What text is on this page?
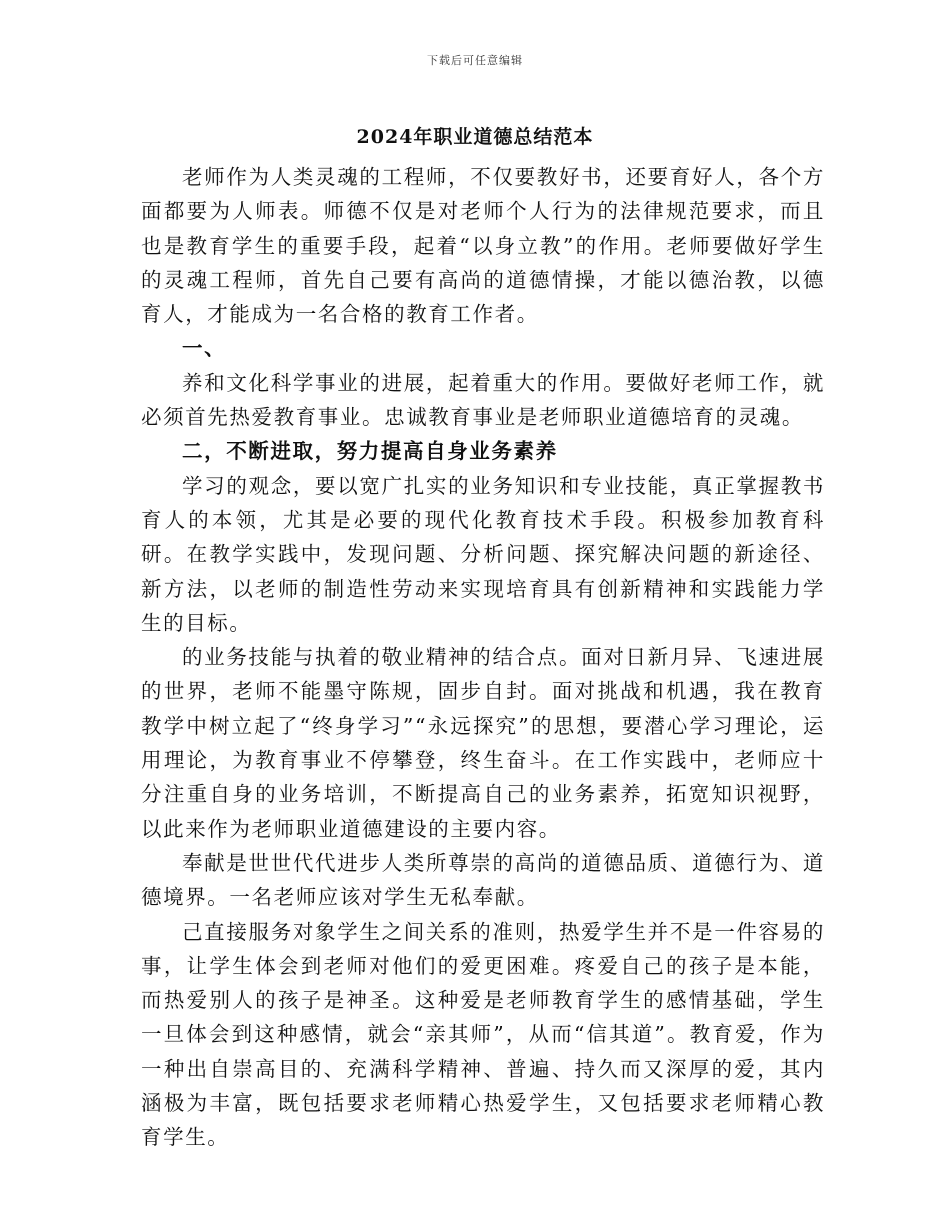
下载后可任意编辑
2024年职业道德总结范本

老师作为人类灵魂的工程师，不仅要教好书，还要育好人，各个方面都要为人师表。师德不仅是对老师个人行为的法律规范要求，而且也是教育学生的重要手段，起着“以身立教”的作用。老师要做好学生的灵魂工程师，首先自己要有高尚的道德情操，才能以德治教，以德育人，才能成为一名合格的教育工作者。

一、

养和文化科学事业的进展，起着重大的作用。要做好老师工作，就必须首先热爱教育事业。忠诚教育事业是老师职业道德培育的灵魂。

二，不断进取，努力提高自身业务素养

学习的观念，要以宽广扎实的业务知识和专业技能，真正掌握教书育人的本领，尤其是必要的现代化教育技术手段。积极参加教育科研。在教学实践中，发现问题、分析问题、探究解决问题的新途径、新方法，以老师的制造性劳动来实现培育具有创新精神和实践能力学生的目标。

的业务技能与执着的敬业精神的结合点。面对日新月异、飞速进展的世界，老师不能墨守陈规，固步自封。面对挑战和机遇，我在教育教学中树立起了“终身学习”“永远探究”的思想，要潜心学习理论，运用理论，为教育事业不停攀登，终生奋斗。在工作实践中，老师应十分注重自身的业务培训，不断提高自己的业务素养，拓宽知识视野，以此来作为老师职业道德建设的主要内容。

奉献是世世代代进步人类所尊崇的高尚的道德品质、道德行为、道德境界。一名老师应该对学生无私奉献。

己直接服务对象学生之间关系的准则，热爱学生并不是一件容易的事，让学生体会到老师对他们的爱更困难。疼爱自己的孩子是本能，而热爱别人的孩子是神圣。这种爱是老师教育学生的感情基础，学生一旦体会到这种感情，就会“亲其师”，从而“信其道”。教育爱，作为一种出自崇高目的、充满科学精神、普遍、持久而又深厚的爱，其内涵极为丰富，既包括要求老师精心热爱学生，又包括要求老师精心教育学生。
